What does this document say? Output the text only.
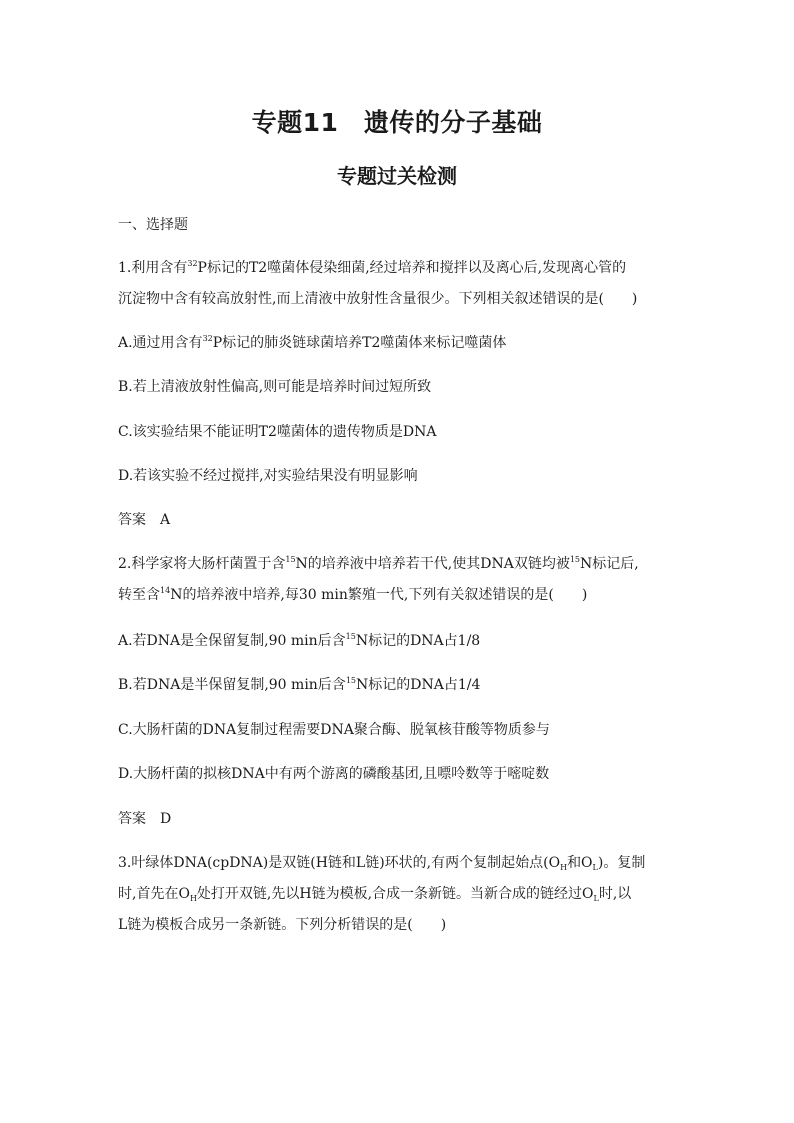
专题11　遗传的分子基础
专题过关检测
一、选择题
1.利用含有$^{32}$P标记的T2噬菌体侵染细菌,经过培养和搅拌以及离心后,发现离心管的
沉淀物中含有较高放射性,而上清液中放射性含量很少。下列相关叙述错误的是(　　)
A.通过用含有$^{32}$P标记的肺炎链球菌培养T2噬菌体来标记噬菌体
B.若上清液放射性偏高,则可能是培养时间过短所致
C.该实验结果不能证明T2噬菌体的遗传物质是DNA
D.若该实验不经过搅拌,对实验结果没有明显影响
答案 A
2.科学家将大肠杆菌置于含$^{15}$N的培养液中培养若干代,使其DNA双链均被$^{15}$N标记后,
转至含$^{14}$N的培养液中培养,每30 min繁殖一代,下列有关叙述错误的是(　　)
A.若DNA是全保留复制,90 min后含$^{15}$N标记的DNA占1/8
B.若DNA是半保留复制,90 min后含$^{15}$N标记的DNA占1/4
C.大肠杆菌的DNA复制过程需要DNA聚合酶、脱氧核苷酸等物质参与
D.大肠杆菌的拟核DNA中有两个游离的磷酸基团,且嘌呤数等于嘧啶数
答案 D
3.叶绿体DNA(cpDNA)是双链(H链和L链)环状的,有两个复制起始点($O_H$和$O_L$)。复制
时,首先在$O_H$处打开双链,先以H链为模板,合成一条新链。当新合成的链经过$O_L$时,以
L链为模板合成另一条新链。下列分析错误的是(　　)
